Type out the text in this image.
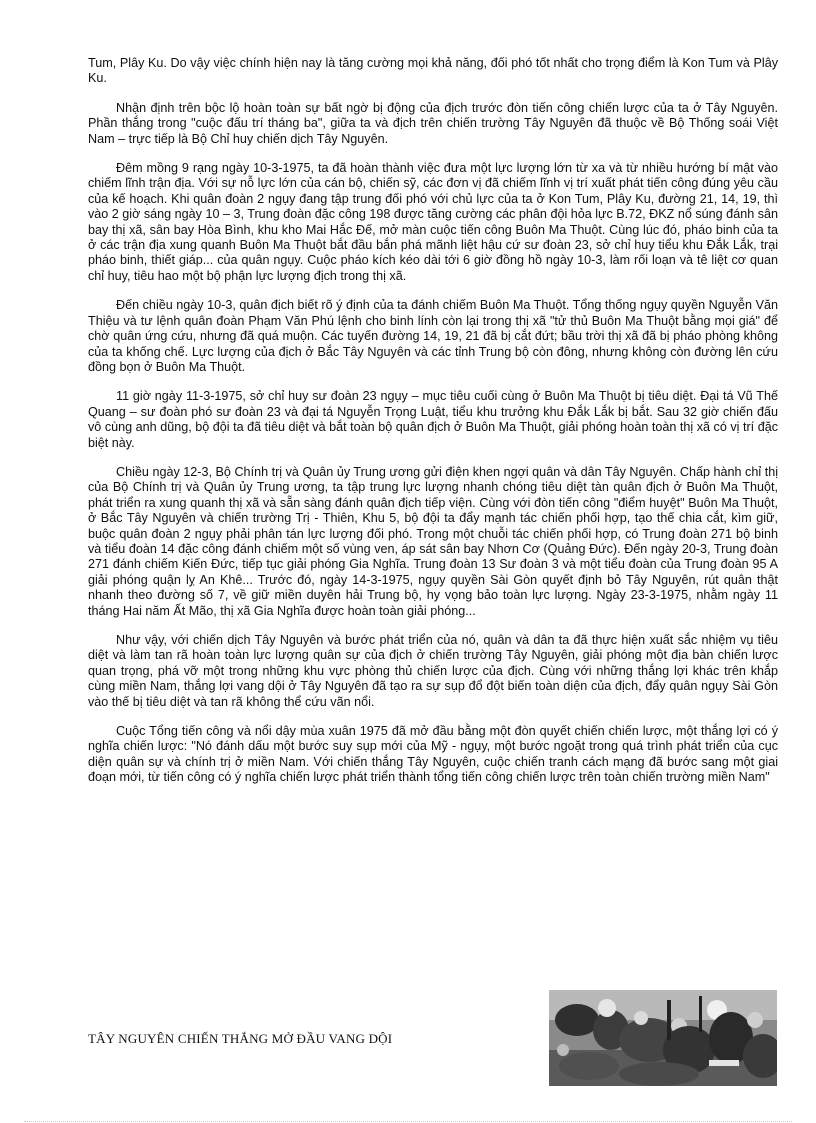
Tum, Plây Ku. Do vậy việc chính hiện nay là tăng cường mọi khả năng, đối phó tốt nhất cho trọng điểm là Kon Tum và Plây Ku.

Nhận định trên bộc lộ hoàn toàn sự bất ngờ bị động của địch trước đòn tiến công chiến lược của ta ở Tây Nguyên. Phần thắng trong "cuộc đấu trí tháng ba", giữa ta và địch trên chiến trường Tây Nguyên đã thuộc về Bộ Thống soái Việt Nam – trực tiếp là Bộ Chỉ huy chiến dịch Tây Nguyên.

Đêm mồng 9 rạng ngày 10-3-1975, ta đã hoàn thành việc đưa một lực lượng lớn từ xa và từ nhiều hướng bí mật vào chiếm lĩnh trận địa. Với sự nỗ lực lớn của cán bộ, chiến sỹ, các đơn vị đã chiếm lĩnh vị trí xuất phát tiến công đúng yêu cầu của kế hoạch. Khi quân đoàn 2 ngụy đang tập trung đối phó với chủ lực của ta ở Kon Tum, Plây Ku, đường 21, 14, 19, thì vào 2 giờ sáng ngày 10 – 3, Trung đoàn đặc công 198 được tăng cường các phân đội hỏa lực B.72, ĐKZ nổ súng đánh sân bay thị xã, sân bay Hòa Bình, khu kho Mai Hắc Đế, mở màn cuộc tiến công Buôn Ma Thuột. Cùng lúc đó, pháo binh của ta ở các trận địa xung quanh Buôn Ma Thuột bắt đầu bắn phá mãnh liệt hậu cứ sư đoàn 23, sở chỉ huy tiểu khu Đắk Lắk, trại pháo binh, thiết giáp... của quân ngụy. Cuộc pháo kích kéo dài tới 6 giờ đồng hồ ngày 10-3, làm rối loạn và tê liệt cơ quan chỉ huy, tiêu hao một bộ phận lực lượng địch trong thị xã.

Đến chiều ngày 10-3, quân địch biết rõ ý định của ta đánh chiếm Buôn Ma Thuột. Tổng thống ngụy quyền Nguyễn Văn Thiệu và tư lệnh quân đoàn Phạm Văn Phú lệnh cho binh lính còn lại trong thị xã "tử thủ Buôn Ma Thuột bằng mọi giá" để chờ quân ứng cứu, nhưng đã quá muộn. Các tuyến đường 14, 19, 21 đã bị cắt đứt; bầu trời thị xã đã bị pháo phòng không của ta khống chế. Lực lượng của địch ở Bắc Tây Nguyên và các tỉnh Trung bộ còn đông, nhưng không còn đường lên cứu đồng bọn ở Buôn Ma Thuột.

11 giờ ngày 11-3-1975, sở chỉ huy sư đoàn 23 ngụy – mục tiêu cuối cùng ở Buôn Ma Thuột bị tiêu diệt. Đại tá Vũ Thế Quang – sư đoàn phó sư đoàn 23 và đại tá Nguyễn Trọng Luật, tiểu khu trưởng khu Đắk Lắk bị bắt. Sau 32 giờ chiến đấu vô cùng anh dũng, bộ đội ta đã tiêu diệt và bắt toàn bộ quân địch ở Buôn Ma Thuột, giải phóng hoàn toàn thị xã có vị trí đặc biệt này.

Chiều ngày 12-3, Bộ Chính trị và Quân ủy Trung ương gửi điện khen ngợi quân và dân Tây Nguyên. Chấp hành chỉ thị của Bộ Chính trị và Quân ủy Trung ương, ta tập trung lực lượng nhanh chóng tiêu diệt tàn quân địch ở Buôn Ma Thuột, phát triển ra xung quanh thị xã và sẵn sàng đánh quân địch tiếp viện. Cùng với đòn tiến công "điểm huyệt" Buôn Ma Thuột, ở Bắc Tây Nguyên và chiến trường Trị - Thiên, Khu 5, bộ đội ta đẩy mạnh tác chiến phối hợp, tạo thế chia cắt, kìm giữ, buộc quân đoàn 2 ngụy phải phân tán lực lượng đối phó. Trong một chuỗi tác chiến phối hợp, có Trung đoàn 271 bộ binh và tiểu đoàn 14 đặc công đánh chiếm một số vùng ven, áp sát sân bay Nhơn Cơ (Quảng Đức). Đến ngày 20-3, Trung đoàn 271 đánh chiếm Kiến Đức, tiếp tục giải phóng Gia Nghĩa. Trung đoàn 13 Sư đoàn 3 và một tiểu đoàn của Trung đoàn 95 A giải phóng quận lỵ An Khê... Trước đó, ngày 14-3-1975, ngụy quyền Sài Gòn quyết định bỏ Tây Nguyên, rút quân thật nhanh theo đường số 7, về giữ miền duyên hải Trung bộ, hy vọng bảo toàn lực lượng. Ngày 23-3-1975, nhằm ngày 11 tháng Hai năm Ất Mão, thị xã Gia Nghĩa được hoàn toàn giải phóng...

Như vậy, với chiến dịch Tây Nguyên và bước phát triển của nó, quân và dân ta đã thực hiện xuất sắc nhiệm vụ tiêu diệt và làm tan rã hoàn toàn lực lượng quân sự của địch ở chiến trường Tây Nguyên, giải phóng một địa bàn chiến lược quan trọng, phá vỡ một trong những khu vực phòng thủ chiến lược của địch. Cùng với những thắng lợi khác trên khắp cùng miền Nam, thắng lợi vang dội ở Tây Nguyên đã tạo ra sự sụp đổ đột biến toàn diện của địch, đẩy quân ngụy Sài Gòn vào thế bị tiêu diệt và tan rã không thể cứu vãn nổi.

Cuộc Tổng tiến công và nổi dậy mùa xuân 1975 đã mở đầu bằng một đòn quyết chiến chiến lược, một thắng lợi có ý nghĩa chiến lược: "Nó đánh dấu một bước suy sụp mới của Mỹ - ngụy, một bước ngoặt trong quá trình phát triển của cục diện quân sự và chính trị ở miền Nam. Với chiến thắng Tây Nguyên, cuộc chiến tranh cách mạng đã bước sang một giai đoạn mới, từ tiến công có ý nghĩa chiến lược phát triển thành tổng tiến công chiến lược trên toàn chiến trường miền Nam"

TÂY NGUYÊN CHIẾN THẮNG MỞ ĐẦU VANG DỘI
